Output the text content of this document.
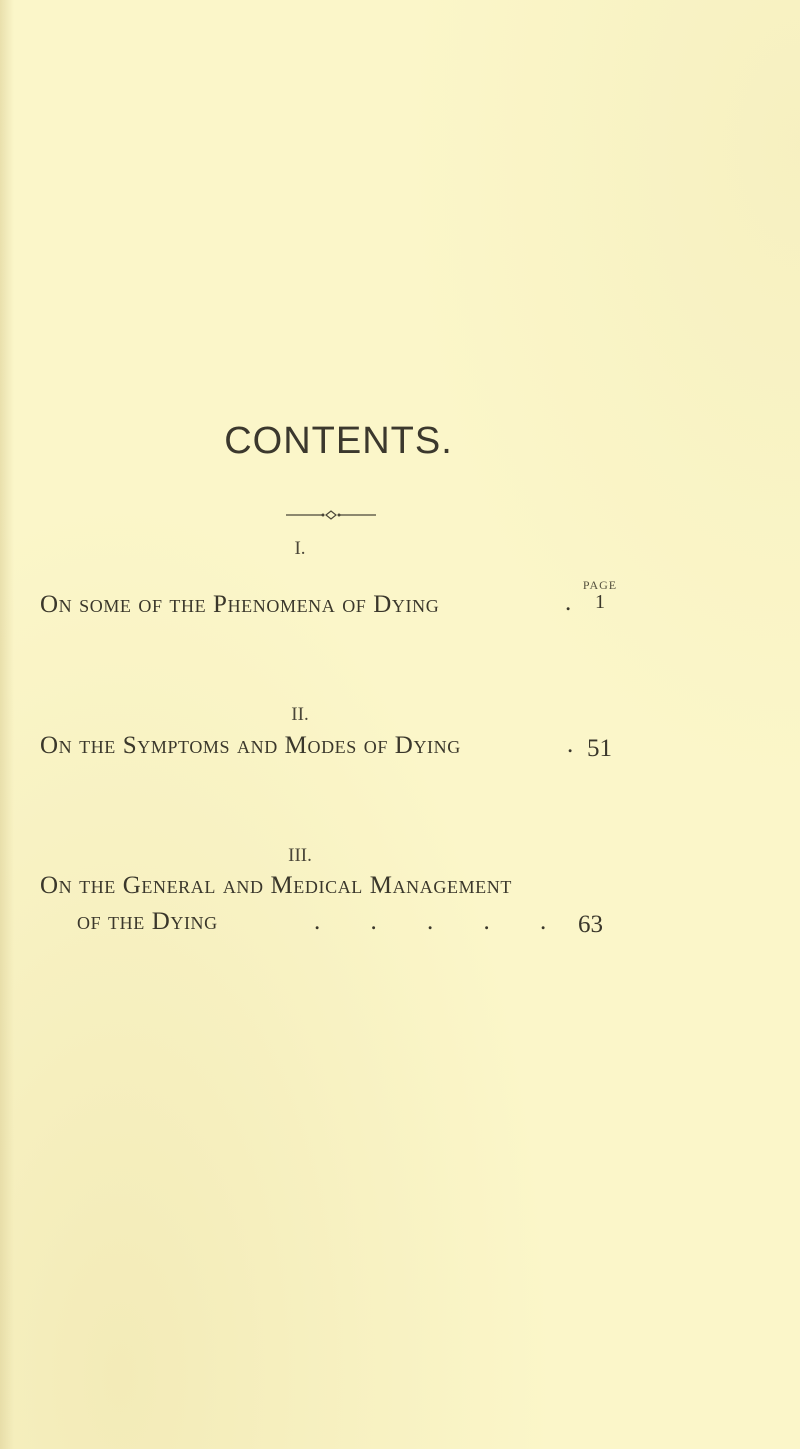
CONTENTS.
I.
PAGE
On some of the Phenomena of Dying	. 1
II.
On the Symptoms and Modes of Dying	. 51
III.
On the General and Medical Management
of the Dying	. . . . . 63
